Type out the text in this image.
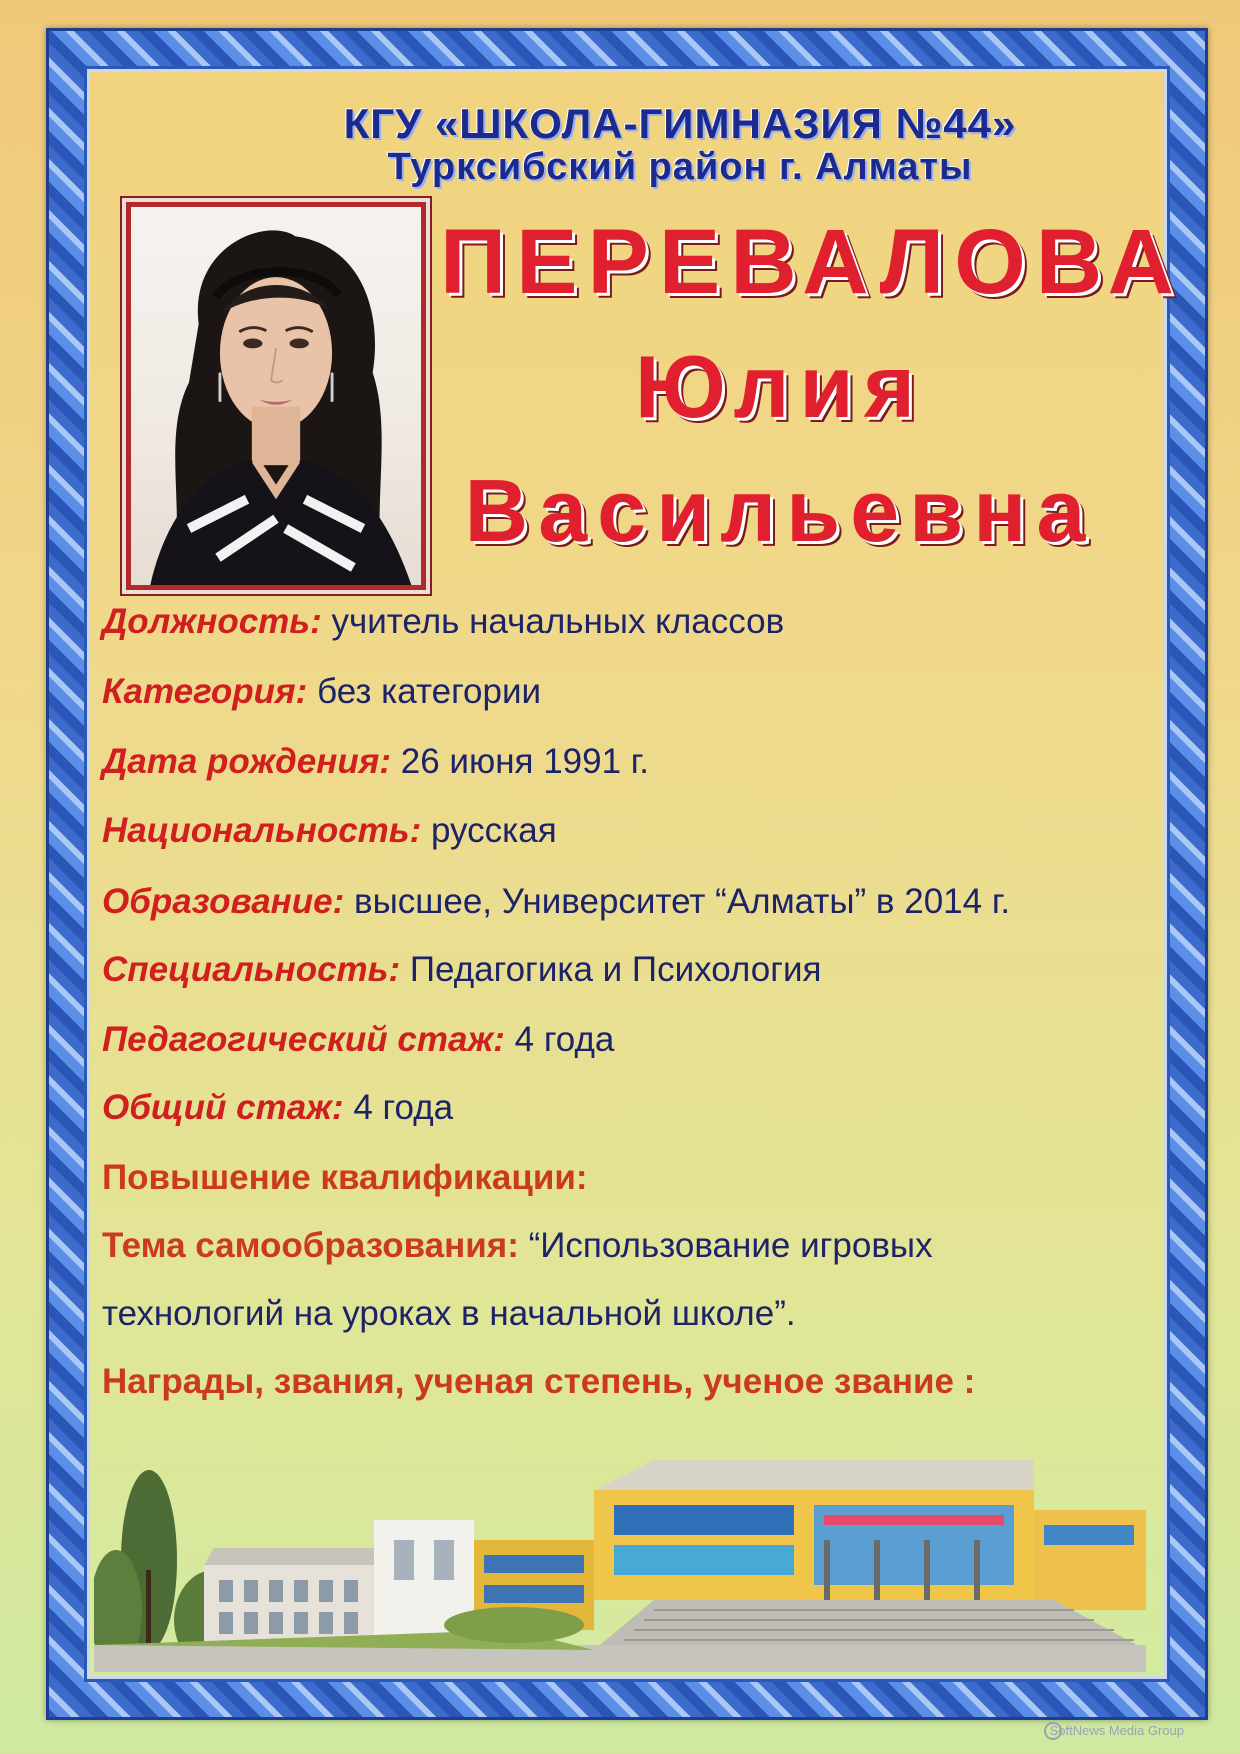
КГУ «ШКОЛА-ГИМНАЗИЯ №44»

Турксибский район г. Алматы

ПЕРЕВАЛОВА

Юлия

Васильевна

Должность: учитель начальных классов

Категория: без категории

Дата рождения: 26 июня 1991 г.

Национальность: русская

Образование: высшее, Университет “Алматы” в 2014 г.

Специальность: Педагогика и Психология

Педагогический стаж: 4 года

Общий стаж: 4 года

Повышение квалификации:

Тема самообразования: “Использование игровых

технологий на уроках в начальной школе”.

Награды, звания, ученая степень, ученое звание :

SoftNews Media Group
